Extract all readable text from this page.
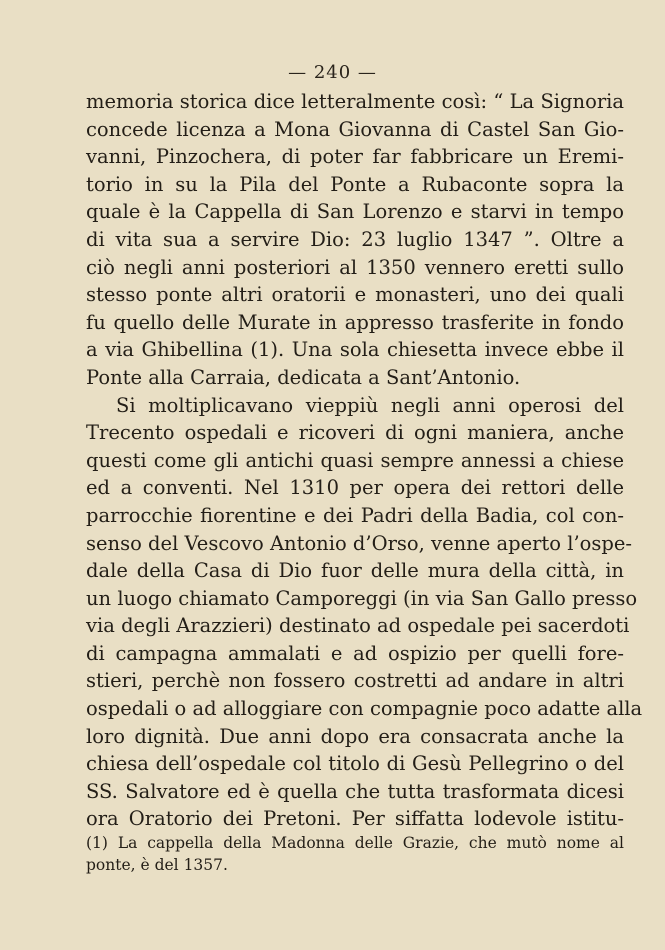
— 240 —
memoria storica dice letteralmente così: “ La Signoria
concede licenza a Mona Giovanna di Castel San Gio-
vanni, Pinzochera, di poter far fabbricare un Eremi-
torio in su la Pila del Ponte a Rubaconte sopra la
quale è la Cappella di San Lorenzo e starvi in tempo
di vita sua a servire Dio: 23 luglio 1347 ”. Oltre a
ciò negli anni posteriori al 1350 vennero eretti sullo
stesso ponte altri oratorii e monasteri, uno dei quali
fu quello delle Murate in appresso trasferite in fondo
a via Ghibellina (1). Una sola chiesetta invece ebbe il
Ponte alla Carraia, dedicata a Sant’Antonio.
Si moltiplicavano vieppiù negli anni operosi del
Trecento ospedali e ricoveri di ogni maniera, anche
questi come gli antichi quasi sempre annessi a chiese
ed a conventi. Nel 1310 per opera dei rettori delle
parrocchie fiorentine e dei Padri della Badia, col con-
senso del Vescovo Antonio d’Orso, venne aperto l’ospe-
dale della Casa di Dio fuor delle mura della città, in
un luogo chiamato Camporeggi (in via San Gallo presso
via degli Arazzieri) destinato ad ospedale pei sacerdoti
di campagna ammalati e ad ospizio per quelli fore-
stieri, perchè non fossero costretti ad andare in altri
ospedali o ad alloggiare con compagnie poco adatte alla
loro dignità. Due anni dopo era consacrata anche la
chiesa dell’ospedale col titolo di Gesù Pellegrino o del
SS. Salvatore ed è quella che tutta trasformata dicesi
ora Oratorio dei Pretoni. Per siffatta lodevole istitu-
(1) La cappella della Madonna delle Grazie, che mutò nome al
ponte, è del 1357.
